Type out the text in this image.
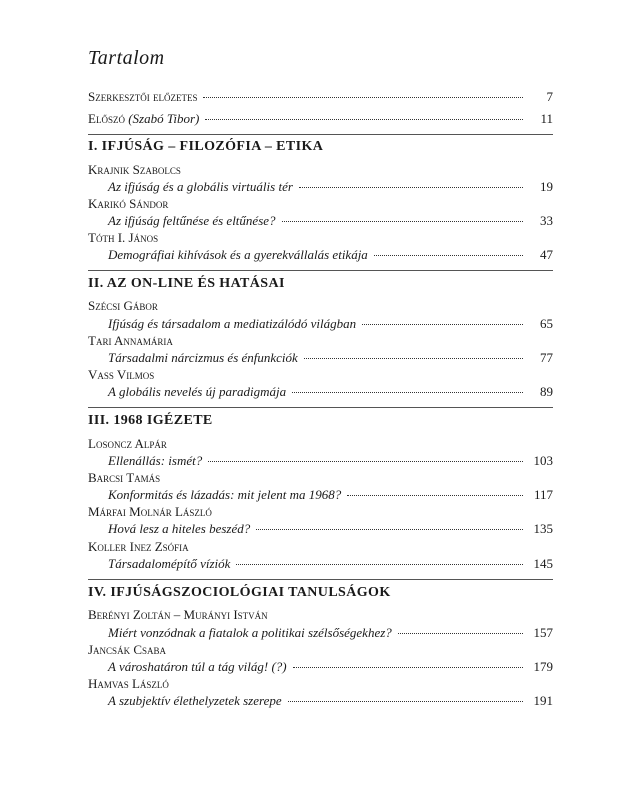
Tartalom
Szerkesztői előzetes	7
Előszó (Szabó Tibor)	11
I. IFJÚSÁG – FILOZÓFIA – ETIKA
Krajnik Szabolcs
Az ifjúság és a globális virtuális tér	19
Karikó Sándor
Az ifjúság feltűnése és eltűnése?	33
Tóth I. János
Demográfiai kihívások és a gyerekvállalás etikája	47
II. AZ ON-LINE ÉS HATÁSAI
Szécsi Gábor
Ifjúság és társadalom a mediatizálódó világban	65
Tari Annamária
Társadalmi nárcizmus és énfunkciók	77
Vass Vilmos
A globális nevelés új paradigmája	89
III. 1968 IGÉZETE
Losoncz Alpár
Ellenállás: ismét?	103
Barcsi Tamás
Konformitás és lázadás: mit jelent ma 1968?	117
Márfai Molnár László
Hová lesz a hiteles beszéd?	135
Koller Inez Zsófia
Társadalomépítő víziók	145
IV. IFJÚSÁGSZOCIOLÓGIAI TANULSÁGOK
Berényi Zoltán – Murányi István
Miért vonzódnak a fiatalok a politikai szélsőségekhez?	157
Jancsák Csaba
A városhatáron túl a tág világ! (?)	179
Hamvas László
A szubjektív élethelyzetek szerepe	191
